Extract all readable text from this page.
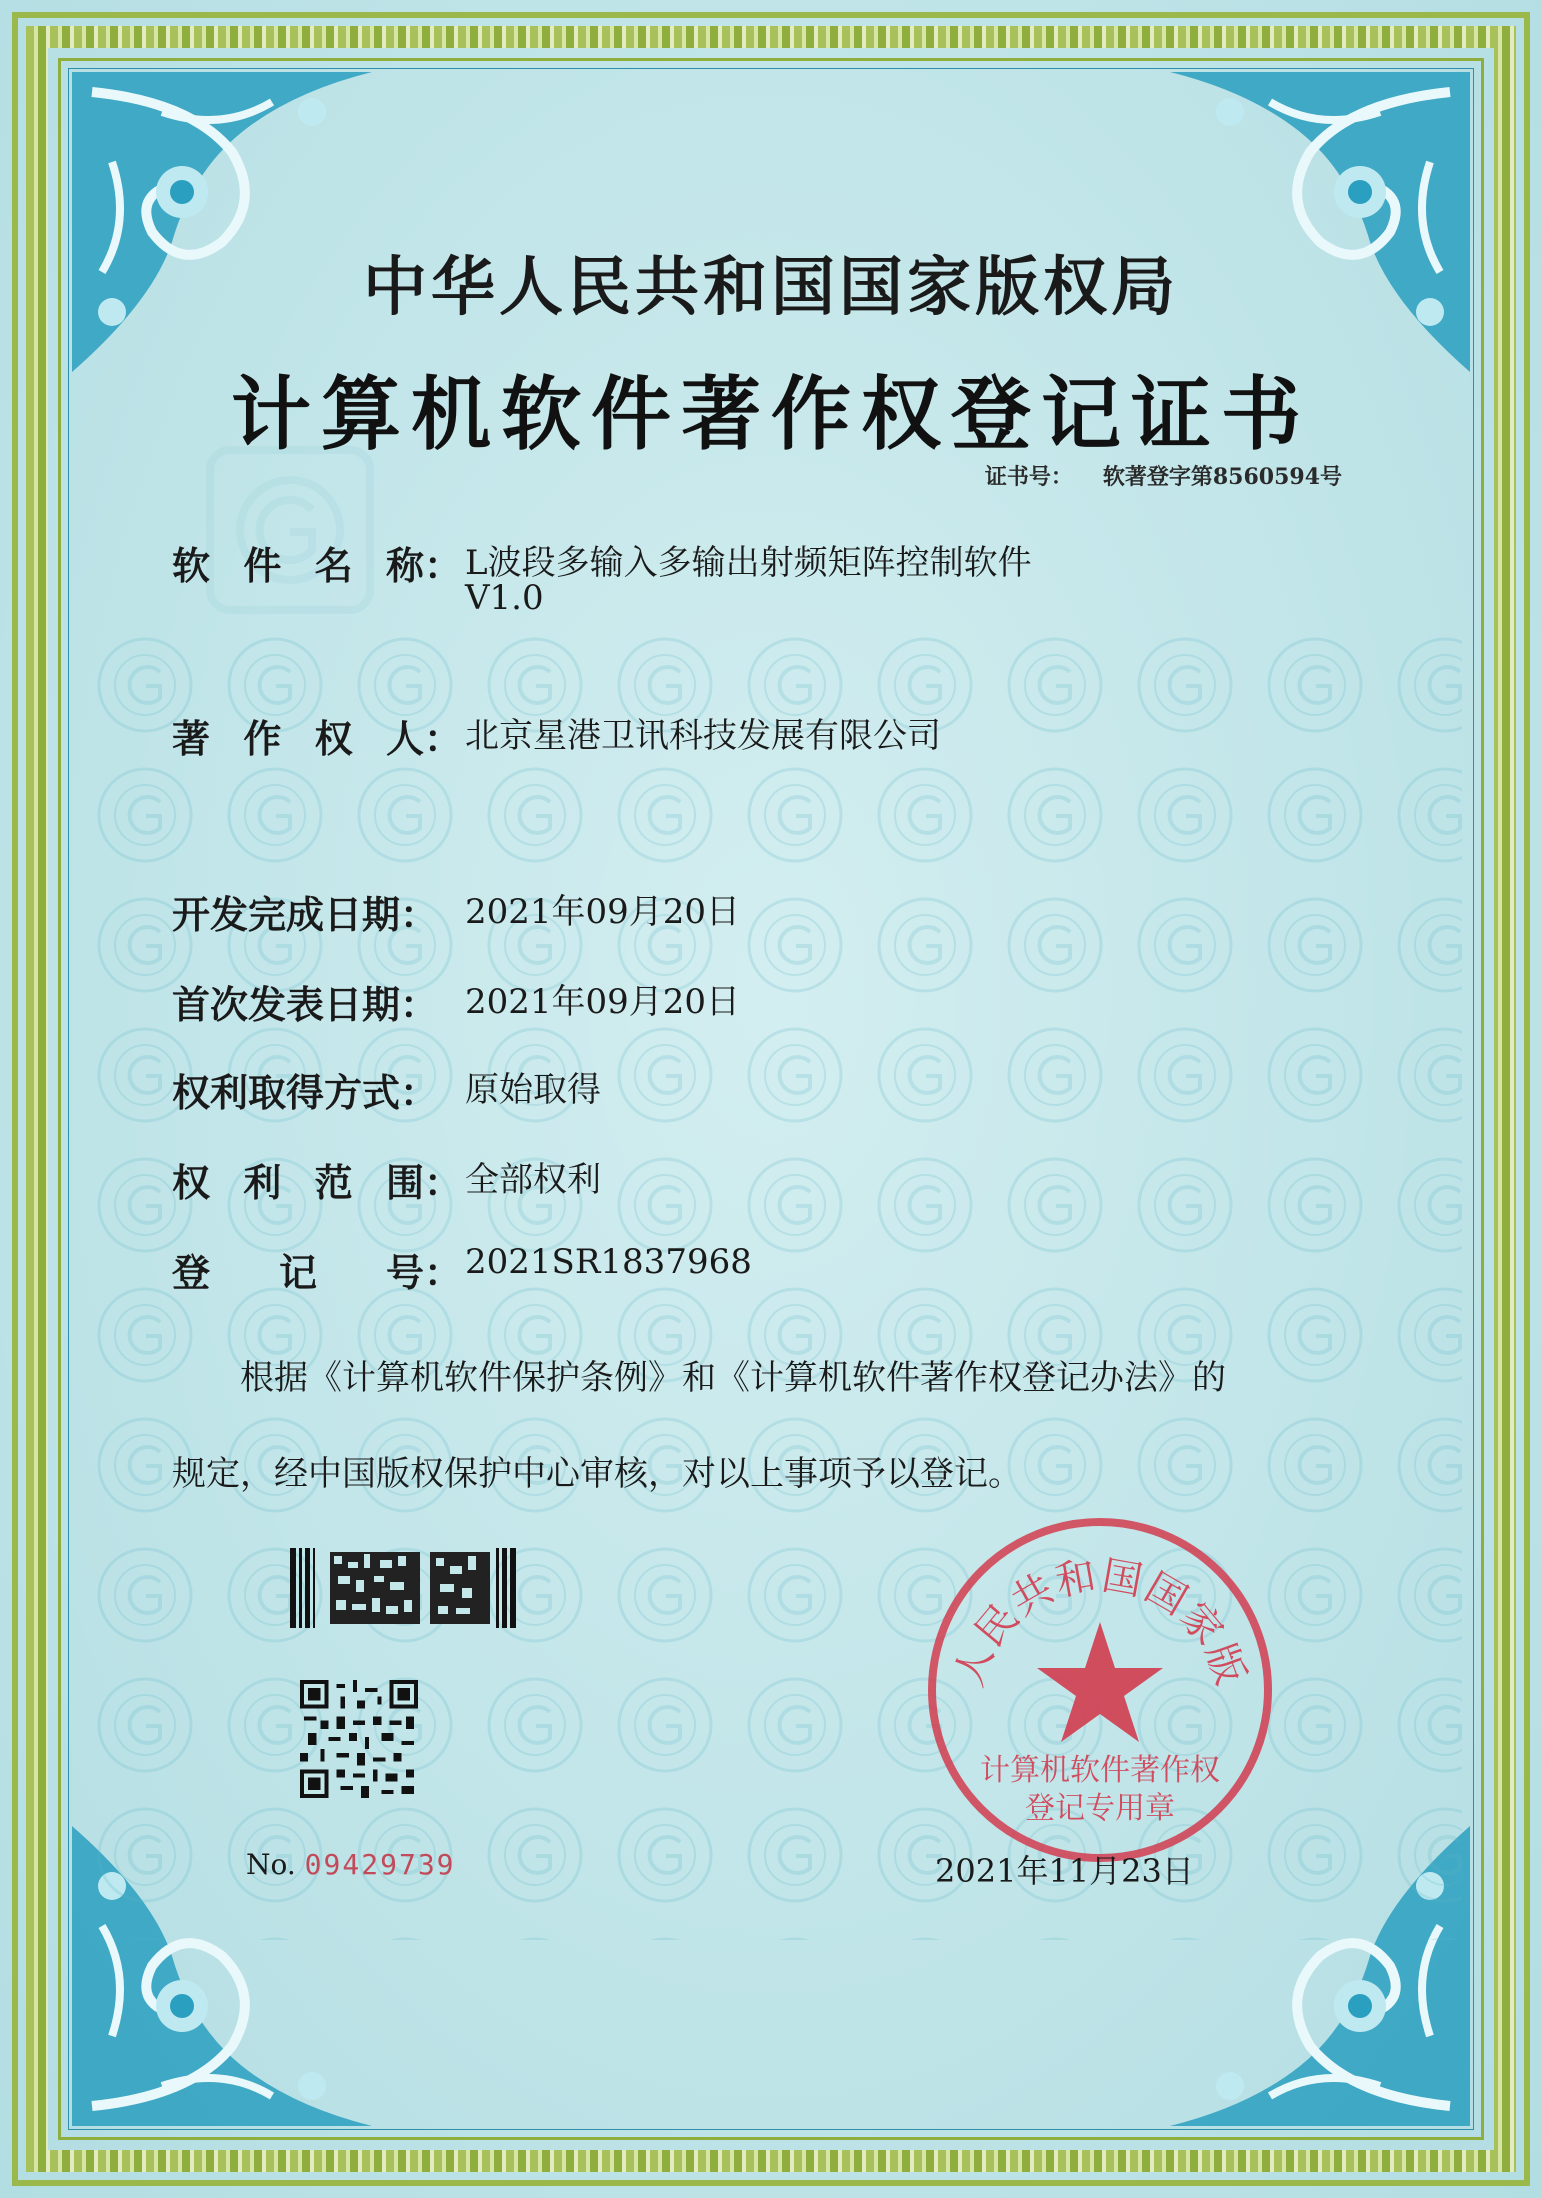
中华人民共和国国家版权局
计算机软件著作权登记证书
证书号： 软著登字第8560594号
软 件 名 称： L波段多输入多输出射频矩阵控制软件
V1.0
著 作 权 人： 北京星港卫讯科技发展有限公司
开发完成日期： 2021年09月20日
首次发表日期： 2021年09月20日
权利取得方式： 原始取得
权 利 范 围： 全部权利
登 记 号： 2021SR1837968
根据《计算机软件保护条例》和《计算机软件著作权登记办法》的
规定，经中国版权保护中心审核，对以上事项予以登记。
No. 09429739
人民共和国国家版
计算机软件著作权
登记专用章
2021年11月23日
